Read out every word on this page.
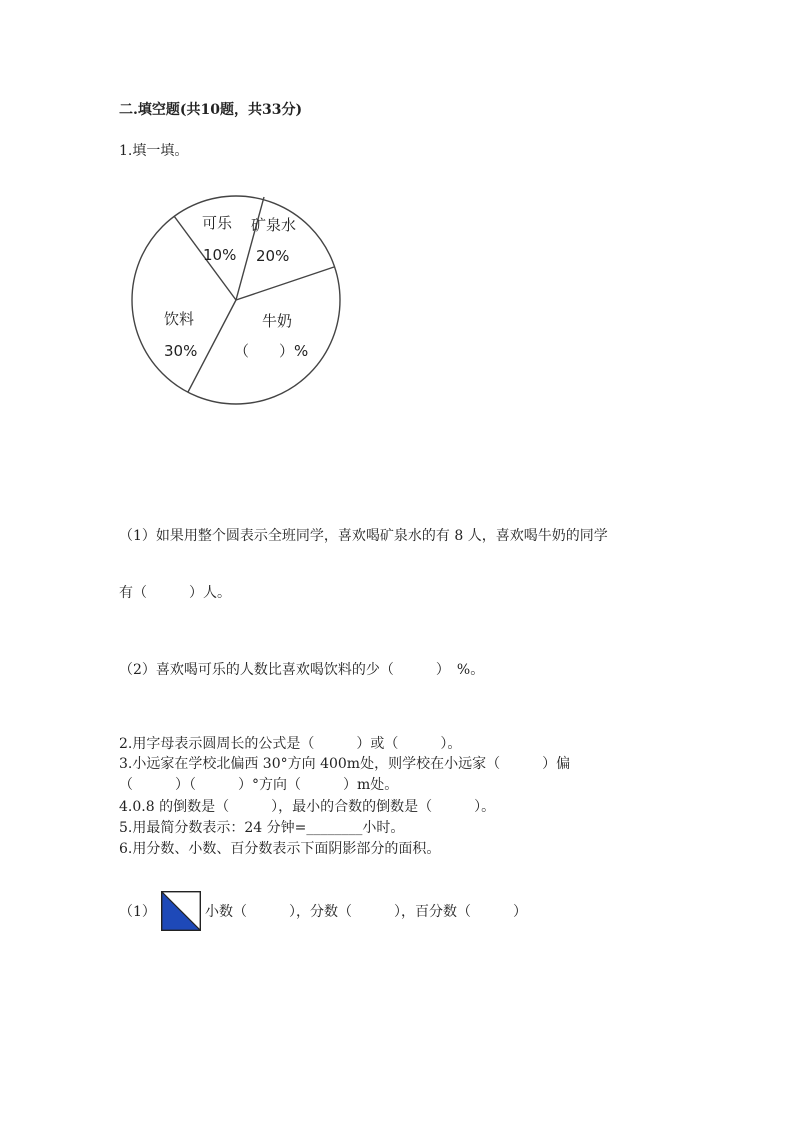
二.填空题(共10题，共33分)
1.填一填。
矿泉水
20%
牛奶
（　　）%
饮料
30%
可乐
10%
（1）如果用整个圆表示全班同学，喜欢喝矿泉水的有 8 人，喜欢喝牛奶的同学
有（　　　）人。
（2）喜欢喝可乐的人数比喜欢喝饮料的少（　　　）　%。
2.用字母表示圆周长的公式是（　　　）或（　　　）。
3.小远家在学校北偏西 30°方向 400m处，则学校在小远家（　　　）偏
（　　　）（　　　）°方向（　　　）m处。
4.0.8 的倒数是（　　　），最小的合数的倒数是（　　　）。
5.用最简分数表示：24 分钟=________小时。
6.用分数、小数、百分数表示下面阴影部分的面积。
（1）	小数（　　　），分数（　　　），百分数（　　　）
